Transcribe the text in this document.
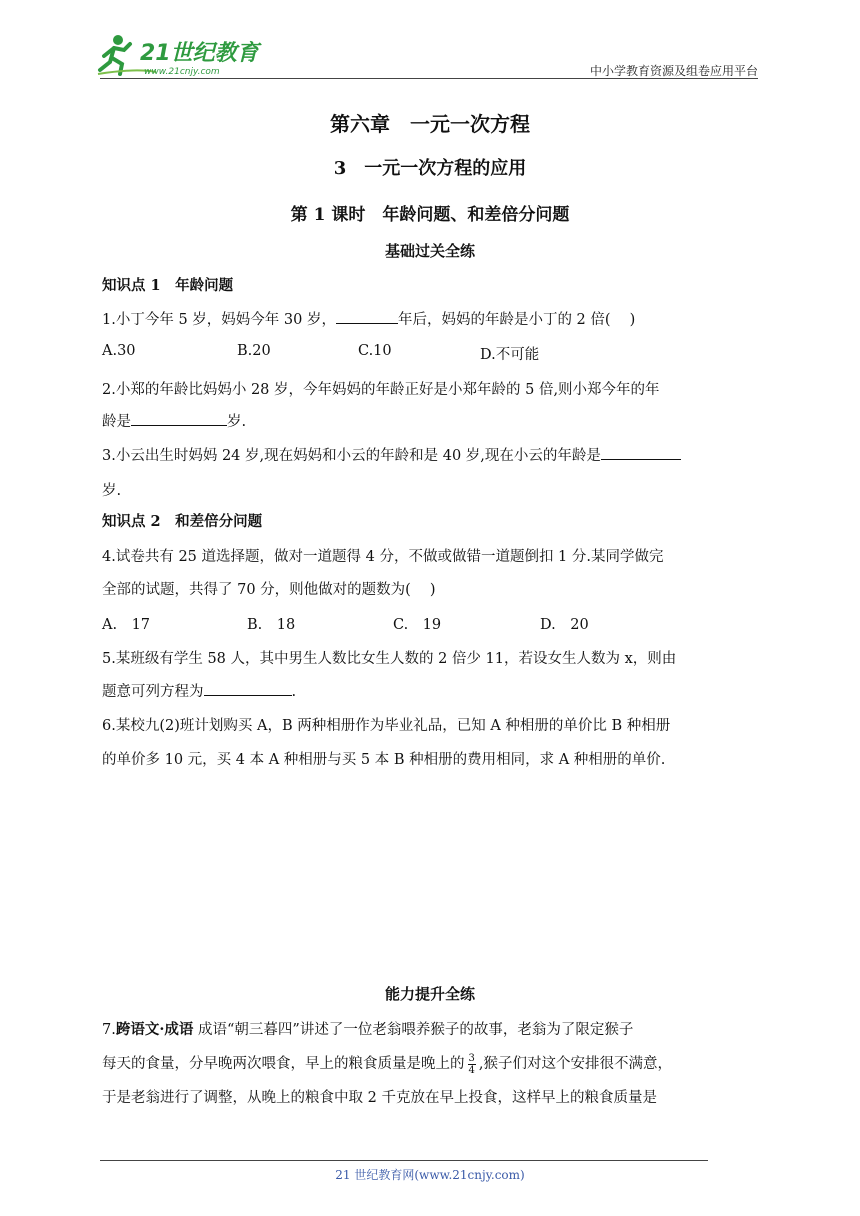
21世纪教育
www.21cnjy.com	中小学教育资源及组卷应用平台
第六章　一元一次方程
3　一元一次方程的应用
第 1 课时　年龄问题、和差倍分问题
基础过关全练
知识点 1　年龄问题
1.小丁今年 5 岁，妈妈今年 30 岁，	年后，妈妈的年龄是小丁的 2 倍(　 )
A.30	B.20	C.10	D.不可能
2.小郑的年龄比妈妈小 28 岁，今年妈妈的年龄正好是小郑年龄的 5 倍,则小郑今年的年
龄是	岁.
3.小云出生时妈妈 24 岁,现在妈妈和小云的年龄和是 40 岁,现在小云的年龄是
岁.
知识点 2　和差倍分问题
4.试卷共有 25 道选择题，做对一道题得 4 分，不做或做错一道题倒扣 1 分.某同学做完
全部的试题，共得了 70 分，则他做对的题数为(　 )
A.　17	B.　18	C.　19	D.　20
5.某班级有学生 58 人，其中男生人数比女生人数的 2 倍少 11，若设女生人数为 x，则由
题意可列方程为	.
6.某校九(2)班计划购买 A，B 两种相册作为毕业礼品，已知 A 种相册的单价比 B 种相册
的单价多 10 元，买 4 本 A 种相册与买 5 本 B 种相册的费用相同，求 A 种相册的单价.
能力提升全练
7.跨语文·成语 成语“朝三暮四”讲述了一位老翁喂养猴子的故事，老翁为了限定猴子
每天的食量，分早晚两次喂食，早上的粮食质量是晚上的 $\frac{3}{4}$ ,猴子们对这个安排很不满意，
于是老翁进行了调整，从晚上的粮食中取 2 千克放在早上投食，这样早上的粮食质量是
21 世纪教育网(www.21cnjy.com)
